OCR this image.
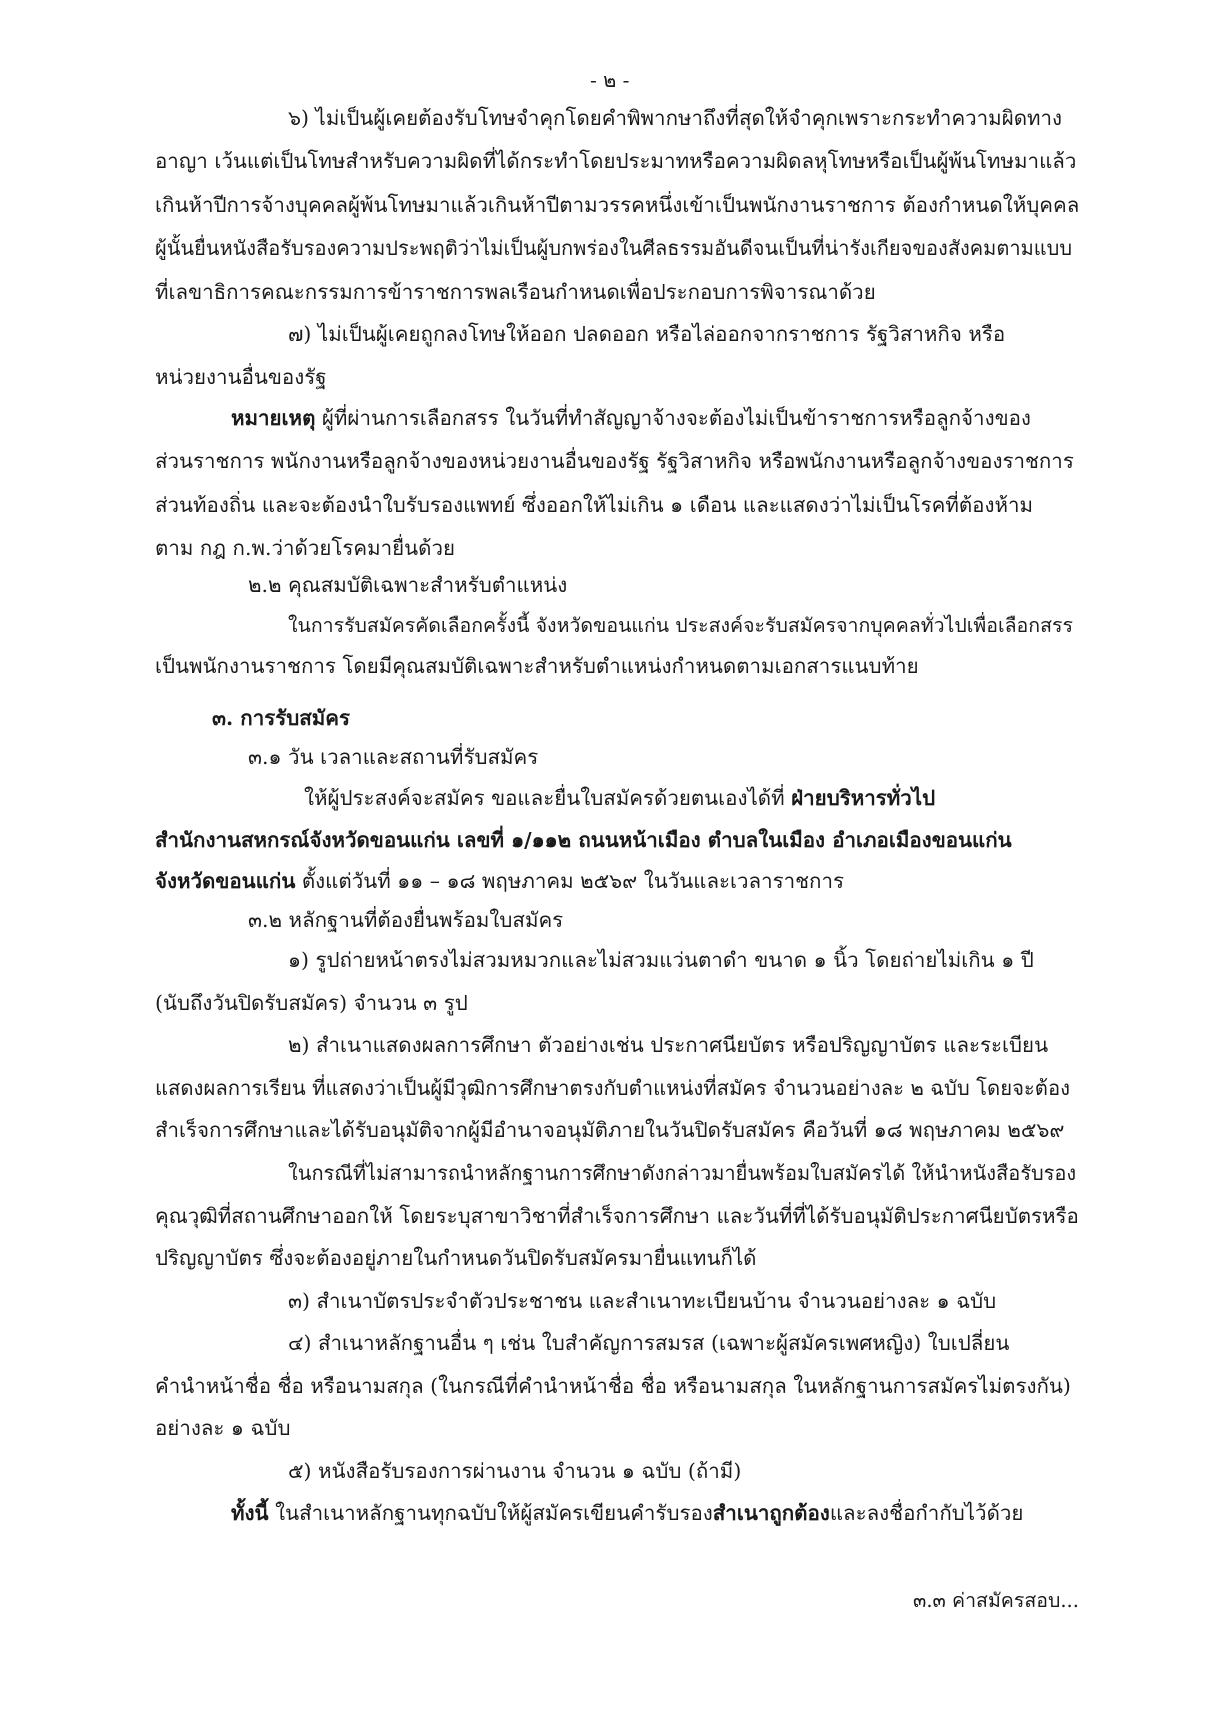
- ๒ -
๖) ไม่เป็นผู้เคยต้องรับโทษจำคุกโดยคำพิพากษาถึงที่สุดให้จำคุกเพราะกระทำความผิดทาง
อาญา เว้นแต่เป็นโทษสำหรับความผิดที่ได้กระทำโดยประมาทหรือความผิดลหุโทษหรือเป็นผู้พ้นโทษมาแล้ว
เกินห้าปีการจ้างบุคคลผู้พ้นโทษมาแล้วเกินห้าปีตามวรรคหนึ่งเข้าเป็นพนักงานราชการ ต้องกำหนดให้บุคคล
ผู้นั้นยื่นหนังสือรับรองความประพฤติว่าไม่เป็นผู้บกพร่องในศีลธรรมอันดีจนเป็นที่น่ารังเกียจของสังคมตามแบบ
ที่เลขาธิการคณะกรรมการข้าราชการพลเรือนกำหนดเพื่อประกอบการพิจารณาด้วย
๗) ไม่เป็นผู้เคยถูกลงโทษให้ออก ปลดออก หรือไล่ออกจากราชการ รัฐวิสาหกิจ หรือ
หน่วยงานอื่นของรัฐ
หมายเหตุ ผู้ที่ผ่านการเลือกสรร ในวันที่ทำสัญญาจ้างจะต้องไม่เป็นข้าราชการหรือลูกจ้างของ
ส่วนราชการ พนักงานหรือลูกจ้างของหน่วยงานอื่นของรัฐ รัฐวิสาหกิจ หรือพนักงานหรือลูกจ้างของราชการ
ส่วนท้องถิ่น และจะต้องนำใบรับรองแพทย์ ซึ่งออกให้ไม่เกิน ๑ เดือน และแสดงว่าไม่เป็นโรคที่ต้องห้าม
ตาม กฎ ก.พ.ว่าด้วยโรคมายื่นด้วย
๒.๒ คุณสมบัติเฉพาะสำหรับตำแหน่ง
ในการรับสมัครคัดเลือกครั้งนี้ จังหวัดขอนแก่น ประสงค์จะรับสมัครจากบุคคลทั่วไปเพื่อเลือกสรร
เป็นพนักงานราชการ โดยมีคุณสมบัติเฉพาะสำหรับตำแหน่งกำหนดตามเอกสารแนบท้าย
๓. การรับสมัคร
๓.๑ วัน เวลาและสถานที่รับสมัคร
ให้ผู้ประสงค์จะสมัคร ขอและยื่นใบสมัครด้วยตนเองได้ที่ ฝ่ายบริหารทั่วไป
สำนักงานสหกรณ์จังหวัดขอนแก่น เลขที่ ๑/๑๑๒ ถนนหน้าเมือง ตำบลในเมือง อำเภอเมืองขอนแก่น
จังหวัดขอนแก่น ตั้งแต่วันที่ ๑๑ – ๑๘ พฤษภาคม ๒๕๖๙ ในวันและเวลาราชการ
๓.๒ หลักฐานที่ต้องยื่นพร้อมใบสมัคร
๑) รูปถ่ายหน้าตรงไม่สวมหมวกและไม่สวมแว่นตาดำ ขนาด ๑ นิ้ว โดยถ่ายไม่เกิน ๑ ปี
(นับถึงวันปิดรับสมัคร) จำนวน ๓ รูป
๒) สำเนาแสดงผลการศึกษา ตัวอย่างเช่น ประกาศนียบัตร หรือปริญญาบัตร และระเบียน
แสดงผลการเรียน ที่แสดงว่าเป็นผู้มีวุฒิการศึกษาตรงกับตำแหน่งที่สมัคร จำนวนอย่างละ ๒ ฉบับ โดยจะต้อง
สำเร็จการศึกษาและได้รับอนุมัติจากผู้มีอำนาจอนุมัติภายในวันปิดรับสมัคร คือวันที่ ๑๘ พฤษภาคม ๒๕๖๙
ในกรณีที่ไม่สามารถนำหลักฐานการศึกษาดังกล่าวมายื่นพร้อมใบสมัครได้ ให้นำหนังสือรับรอง
คุณวุฒิที่สถานศึกษาออกให้ โดยระบุสาขาวิชาที่สำเร็จการศึกษา และวันที่ที่ได้รับอนุมัติประกาศนียบัตรหรือ
ปริญญาบัตร ซึ่งจะต้องอยู่ภายในกำหนดวันปิดรับสมัครมายื่นแทนก็ได้
๓) สำเนาบัตรประจำตัวประชาชน และสำเนาทะเบียนบ้าน จำนวนอย่างละ ๑ ฉบับ
๔) สำเนาหลักฐานอื่น ๆ เช่น ใบสำคัญการสมรส (เฉพาะผู้สมัครเพศหญิง) ใบเปลี่ยน
คำนำหน้าชื่อ ชื่อ หรือนามสกุล (ในกรณีที่คำนำหน้าชื่อ ชื่อ หรือนามสกุล ในหลักฐานการสมัครไม่ตรงกัน)
อย่างละ ๑ ฉบับ
๕) หนังสือรับรองการผ่านงาน จำนวน ๑ ฉบับ (ถ้ามี)
ทั้งนี้ ในสำเนาหลักฐานทุกฉบับให้ผู้สมัครเขียนคำรับรองสำเนาถูกต้องและลงชื่อกำกับไว้ด้วย
๓.๓ ค่าสมัครสอบ...
